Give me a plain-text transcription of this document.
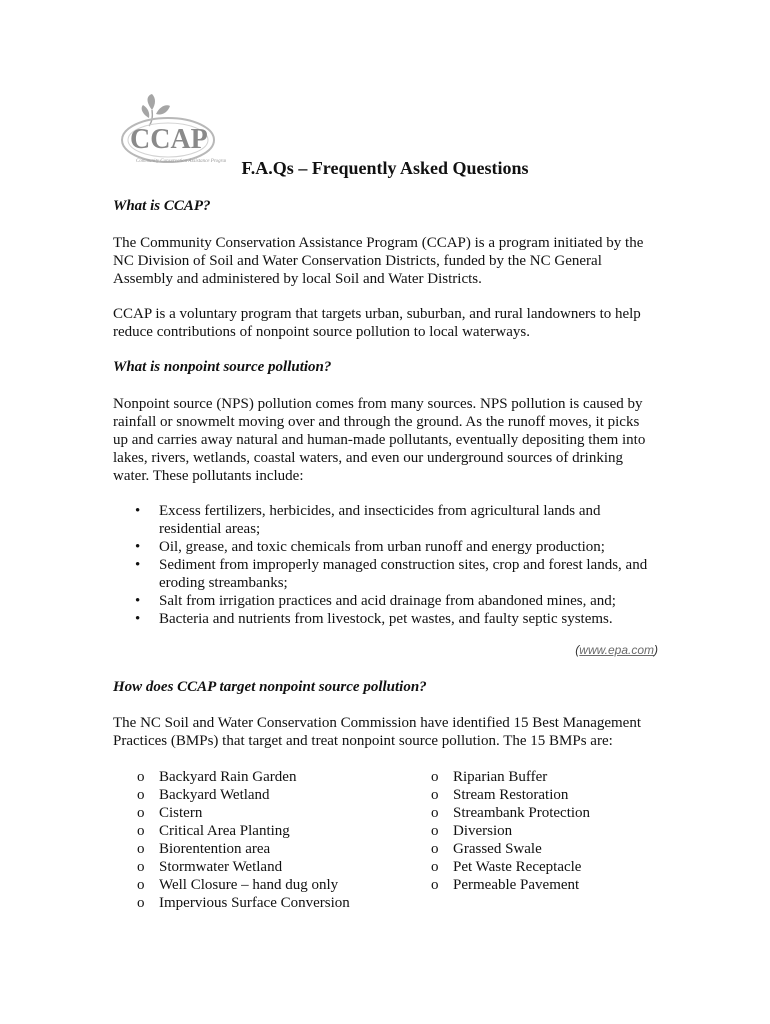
CCAP
Community Conservation Assistance Program F.A.Qs – Frequently Asked Questions

What is CCAP?

The Community Conservation Assistance Program (CCAP) is a program initiated by the NC Division of Soil and Water Conservation Districts, funded by the NC General Assembly and administered by local Soil and Water Districts.

CCAP is a voluntary program that targets urban, suburban, and rural landowners to help reduce contributions of nonpoint source pollution to local waterways.

What is nonpoint source pollution?

Nonpoint source (NPS) pollution comes from many sources. NPS pollution is caused by rainfall or snowmelt moving over and through the ground. As the runoff moves, it picks up and carries away natural and human-made pollutants, eventually depositing them into lakes, rivers, wetlands, coastal waters, and even our underground sources of drinking water. These pollutants include:

• Excess fertilizers, herbicides, and insecticides from agricultural lands and residential areas;
• Oil, grease, and toxic chemicals from urban runoff and energy production;
• Sediment from improperly managed construction sites, crop and forest lands, and eroding streambanks;
• Salt from irrigation practices and acid drainage from abandoned mines, and;
• Bacteria and nutrients from livestock, pet wastes, and faulty septic systems.
(www.epa.com)

How does CCAP target nonpoint source pollution?

The NC Soil and Water Conservation Commission have identified 15 Best Management Practices (BMPs) that target and treat nonpoint source pollution. The 15 BMPs are:

o Backyard Rain Garden
o Backyard Wetland
o Cistern
o Critical Area Planting
o Biorentention area
o Stormwater Wetland
o Well Closure – hand dug only
o Impervious Surface Conversion
o Riparian Buffer
o Stream Restoration
o Streambank Protection
o Diversion
o Grassed Swale
o Pet Waste Receptacle
o Permeable Pavement
